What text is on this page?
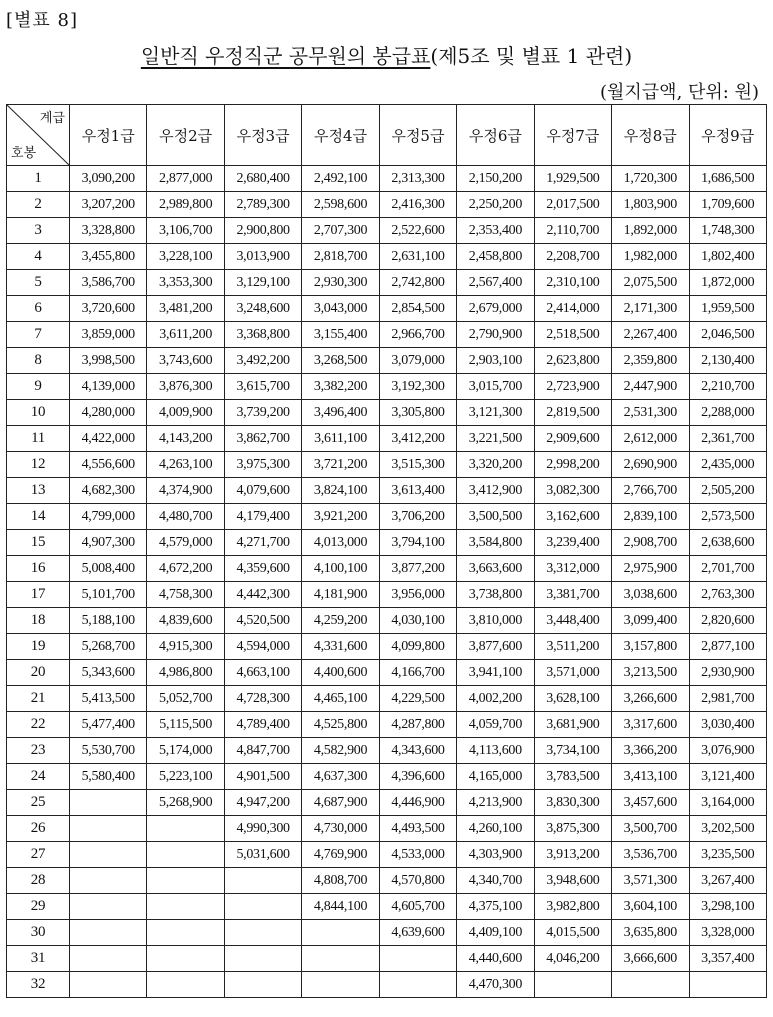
[별표 8]
일반직 우정직군 공무원의 봉급표(제5조 및 별표 1 관련)
(월지급액, 단위: 원)
계급
호봉	우정1급	우정2급	우정3급	우정4급	우정5급	우정6급	우정7급	우정8급	우정9급
1	3,090,200	2,877,000	2,680,400	2,492,100	2,313,300	2,150,200	1,929,500	1,720,300	1,686,500
2	3,207,200	2,989,800	2,789,300	2,598,600	2,416,300	2,250,200	2,017,500	1,803,900	1,709,600
3	3,328,800	3,106,700	2,900,800	2,707,300	2,522,600	2,353,400	2,110,700	1,892,000	1,748,300
4	3,455,800	3,228,100	3,013,900	2,818,700	2,631,100	2,458,800	2,208,700	1,982,000	1,802,400
5	3,586,700	3,353,300	3,129,100	2,930,300	2,742,800	2,567,400	2,310,100	2,075,500	1,872,000
6	3,720,600	3,481,200	3,248,600	3,043,000	2,854,500	2,679,000	2,414,000	2,171,300	1,959,500
7	3,859,000	3,611,200	3,368,800	3,155,400	2,966,700	2,790,900	2,518,500	2,267,400	2,046,500
8	3,998,500	3,743,600	3,492,200	3,268,500	3,079,000	2,903,100	2,623,800	2,359,800	2,130,400
9	4,139,000	3,876,300	3,615,700	3,382,200	3,192,300	3,015,700	2,723,900	2,447,900	2,210,700
10	4,280,000	4,009,900	3,739,200	3,496,400	3,305,800	3,121,300	2,819,500	2,531,300	2,288,000
11	4,422,000	4,143,200	3,862,700	3,611,100	3,412,200	3,221,500	2,909,600	2,612,000	2,361,700
12	4,556,600	4,263,100	3,975,300	3,721,200	3,515,300	3,320,200	2,998,200	2,690,900	2,435,000
13	4,682,300	4,374,900	4,079,600	3,824,100	3,613,400	3,412,900	3,082,300	2,766,700	2,505,200
14	4,799,000	4,480,700	4,179,400	3,921,200	3,706,200	3,500,500	3,162,600	2,839,100	2,573,500
15	4,907,300	4,579,000	4,271,700	4,013,000	3,794,100	3,584,800	3,239,400	2,908,700	2,638,600
16	5,008,400	4,672,200	4,359,600	4,100,100	3,877,200	3,663,600	3,312,000	2,975,900	2,701,700
17	5,101,700	4,758,300	4,442,300	4,181,900	3,956,000	3,738,800	3,381,700	3,038,600	2,763,300
18	5,188,100	4,839,600	4,520,500	4,259,200	4,030,100	3,810,000	3,448,400	3,099,400	2,820,600
19	5,268,700	4,915,300	4,594,000	4,331,600	4,099,800	3,877,600	3,511,200	3,157,800	2,877,100
20	5,343,600	4,986,800	4,663,100	4,400,600	4,166,700	3,941,100	3,571,000	3,213,500	2,930,900
21	5,413,500	5,052,700	4,728,300	4,465,100	4,229,500	4,002,200	3,628,100	3,266,600	2,981,700
22	5,477,400	5,115,500	4,789,400	4,525,800	4,287,800	4,059,700	3,681,900	3,317,600	3,030,400
23	5,530,700	5,174,000	4,847,700	4,582,900	4,343,600	4,113,600	3,734,100	3,366,200	3,076,900
24	5,580,400	5,223,100	4,901,500	4,637,300	4,396,600	4,165,000	3,783,500	3,413,100	3,121,400
25		5,268,900	4,947,200	4,687,900	4,446,900	4,213,900	3,830,300	3,457,600	3,164,000
26			4,990,300	4,730,000	4,493,500	4,260,100	3,875,300	3,500,700	3,202,500
27			5,031,600	4,769,900	4,533,000	4,303,900	3,913,200	3,536,700	3,235,500
28				4,808,700	4,570,800	4,340,700	3,948,600	3,571,300	3,267,400
29				4,844,100	4,605,700	4,375,100	3,982,800	3,604,100	3,298,100
30					4,639,600	4,409,100	4,015,500	3,635,800	3,328,000
31						4,440,600	4,046,200	3,666,600	3,357,400
32						4,470,300			
